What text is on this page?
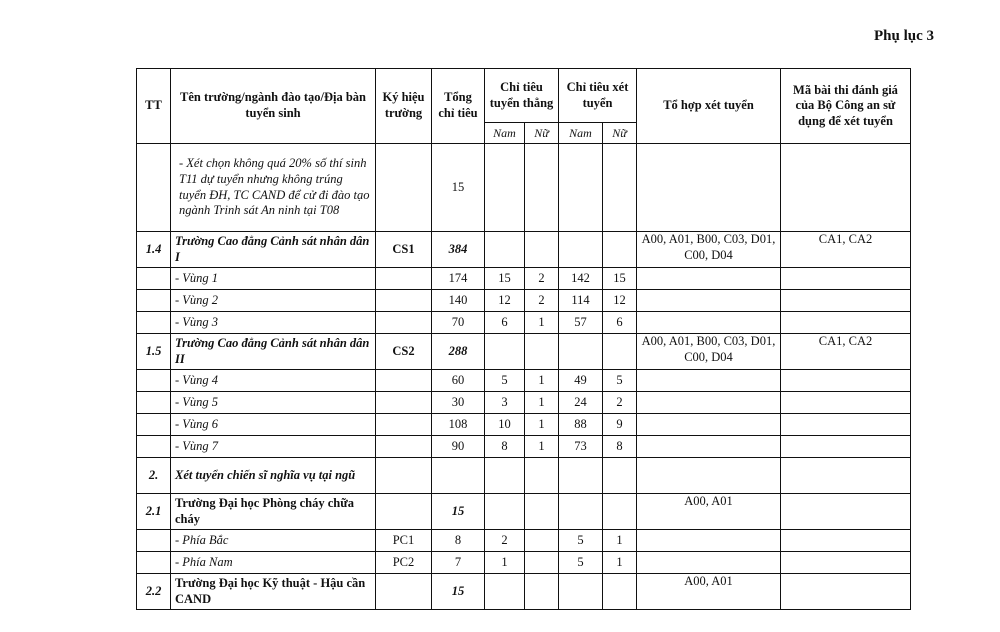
Phụ lục 3
TT	Tên trường/ngành đào tạo/Địa bàn tuyển sinh	Ký hiệu trường	Tổng chỉ tiêu	Chỉ tiêu tuyển thẳng		Chỉ tiêu xét tuyển		Tổ hợp xét tuyển	Mã bài thi đánh giá của Bộ Công an sử dụng để xét tuyển
				Nam	Nữ	Nam	Nữ		
	- Xét chọn không quá 20% số thí sinh T11 dự tuyển nhưng không trúng tuyển ĐH, TC CAND để cử đi đào tạo ngành Trinh sát An ninh tại T08		15						
1.4	Trường Cao đẳng Cảnh sát nhân dân I	CS1	384					A00, A01, B00, C03, D01, C00, D04	CA1, CA2
	- Vùng 1		174	15	2	142	15		
	- Vùng 2		140	12	2	114	12		
	- Vùng 3		70	6	1	57	6		
1.5	Trường Cao đẳng Cảnh sát nhân dân II	CS2	288					A00, A01, B00, C03, D01, C00, D04	CA1, CA2
	- Vùng 4		60	5	1	49	5		
	- Vùng 5		30	3	1	24	2		
	- Vùng 6		108	10	1	88	9		
	- Vùng 7		90	8	1	73	8		
2.	Xét tuyển chiến sĩ nghĩa vụ tại ngũ								
2.1	Trường Đại học Phòng cháy chữa cháy		15					A00, A01	
	- Phía Bắc	PC1	8	2		5	1		
	- Phía Nam	PC2	7	1		5	1		
2.2	Trường Đại học Kỹ thuật - Hậu cần CAND		15					A00, A01	
